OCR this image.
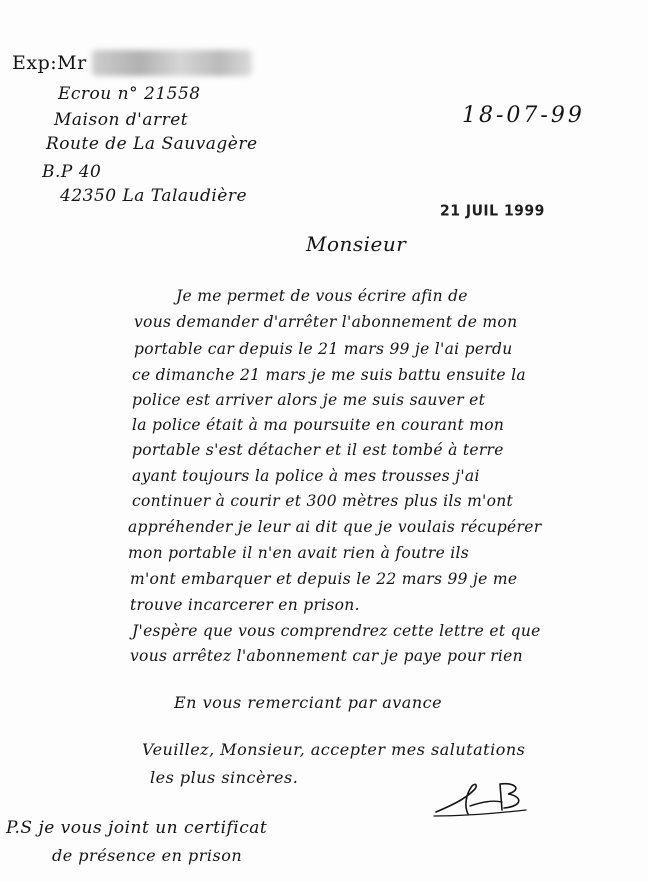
Exp:Mr
Ecrou n° 21558
Maison d'arret
Route de La Sauvagère
B.P 40
42350 La Talaudière
18-07-99
21 JUIL 1999
Monsieur
Je me permet de vous écrire afin de
vous demander d'arrêter l'abonnement de mon
portable car depuis le 21 mars 99 je l'ai perdu
ce dimanche 21 mars je me suis battu ensuite la
police est arriver alors je me suis sauver et
la police était à ma poursuite en courant mon
portable s'est détacher et il est tombé à terre
ayant toujours la police à mes trousses j'ai
continuer à courir et 300 mètres plus ils m'ont
appréhender je leur ai dit que je voulais récupérer
mon portable il n'en avait rien à foutre ils
m'ont embarquer et depuis le 22 mars 99 je me
trouve incarcerer en prison.
J'espère que vous comprendrez cette lettre et que
vous arrêtez l'abonnement car je paye pour rien
En vous remerciant par avance
Veuillez, Monsieur, accepter mes salutations
les plus sincères.
P.S je vous joint un certificat
de présence en prison
